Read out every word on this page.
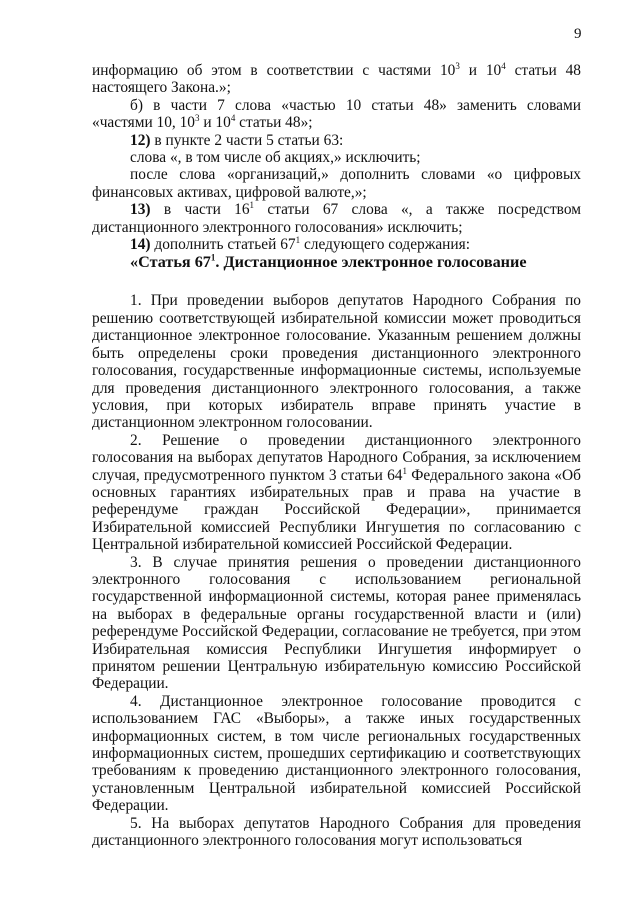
9

информацию об этом в соответствии с частями $10^3$ и $10^4$ статьи 48 настоящего Закона.»;

б) в части 7 слова «частью 10 статьи 48» заменить словами «частями 10, $10^3$ и $10^4$ статьи 48»;

12) в пункте 2 части 5 статьи 63:

слова «, в том числе об акциях,» исключить;

после слова «организаций,» дополнить словами «о цифровых финансовых активах, цифровой валюте,»;

13) в части $16^1$ статьи 67 слова «, а также посредством дистанционного электронного голосования» исключить;

14) дополнить статьей $67^1$ следующего содержания:

«Статья $67^1$. Дистанционное электронное голосование

1. При проведении выборов депутатов Народного Собрания по решению соответствующей избирательной комиссии может проводиться дистанционное электронное голосование. Указанным решением должны быть определены сроки проведения дистанционного электронного голосования, государственные информационные системы, используемые для проведения дистанционного электронного голосования, а также условия, при которых избиратель вправе принять участие в дистанционном электронном голосовании.

2. Решение о проведении дистанционного электронного голосования на выборах депутатов Народного Собрания, за исключением случая, предусмотренного пунктом 3 статьи $64^1$ Федерального закона «Об основных гарантиях избирательных прав и права на участие в референдуме граждан Российской Федерации», принимается Избирательной комиссией Республики Ингушетия по согласованию с Центральной избирательной комиссией Российской Федерации.

3. В случае принятия решения о проведении дистанционного электронного голосования с использованием региональной государственной информационной системы, которая ранее применялась на выборах в федеральные органы государственной власти и (или) референдуме Российской Федерации, согласование не требуется, при этом Избирательная комиссия Республики Ингушетия информирует о принятом решении Центральную избирательную комиссию Российской Федерации.

4. Дистанционное электронное голосование проводится с использованием ГАС «Выборы», а также иных государственных информационных систем, в том числе региональных государственных информационных систем, прошедших сертификацию и соответствующих требованиям к проведению дистанционного электронного голосования, установленным Центральной избирательной комиссией Российской Федерации.

5. На выборах депутатов Народного Собрания для проведения дистанционного электронного голосования могут использоваться
